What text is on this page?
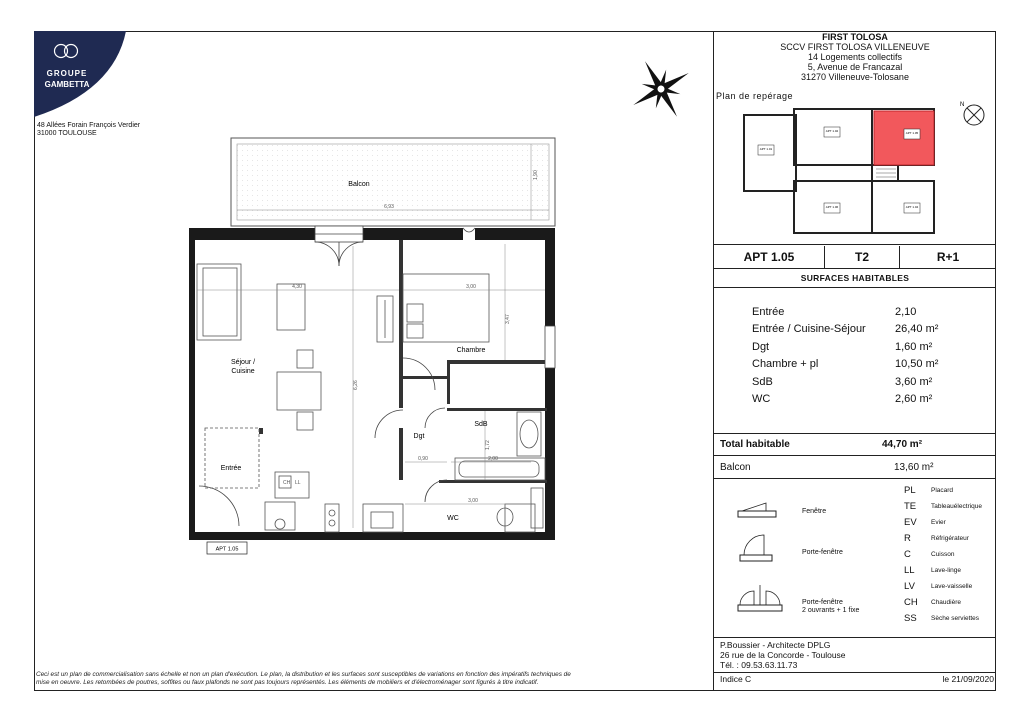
GROUPE
GAMBETTA
48 Allées Forain François Verdier
31000 TOULOUSE
Balcon
Séjour /
Cuisine
Chambre
Entrée
Dgt
SdB
WC
6,93
1,90
4,30
6,26
3,00
3,47
0,90	2,00
1,72
3,00
CH LL
APT 1.05
Ceci est un plan de commercialisation sans échelle et non un plan d'exécution. Le plan, la distribution et les surfaces sont susceptibles de variations en fonction des impératifs techniques de
mise en oeuvre. Les retombées de poutres, soffites ou faux plafonds ne sont pas toujours représentés. Les éléments de mobiliers et d'électroménager sont figurés à titre indicatif.
FIRST TOLOSA
SCCV FIRST TOLOSA VILLENEUVE
14 Logements collectifs
5, Avenue de Francazal
31270 Villeneuve-Tolosane
Plan de repérage
APT 1.01
APT 1.02	APT 1.05
APT 1.06	APT 1.04
N
APT 1.05	T2	R+1
SURFACES HABITABLES
Entrée	2,10
Entrée / Cuisine-Séjour	26,40 m²
Dgt	1,60 m²
Chambre + pl	10,50 m²
SdB	3,60 m²
WC	2,60 m²
Total habitable	44,70 m²
Balcon	13,60 m²
Fenêtre
Porte-fenêtre
Porte-fenêtre
2 ouvrants + 1 fixe
PL	Placard
TE	Tableauélectrique
EV	Evier
R	Réfrigérateur
C	Cuisson
LL	Lave-linge
LV	Lave-vaisselle
CH	Chaudière
SS	Sèche serviettes
P.Boussier - Architecte DPLG
26 rue de la Concorde - Toulouse
Tél. : 09.53.63.11.73
Indice C	le 21/09/2020
